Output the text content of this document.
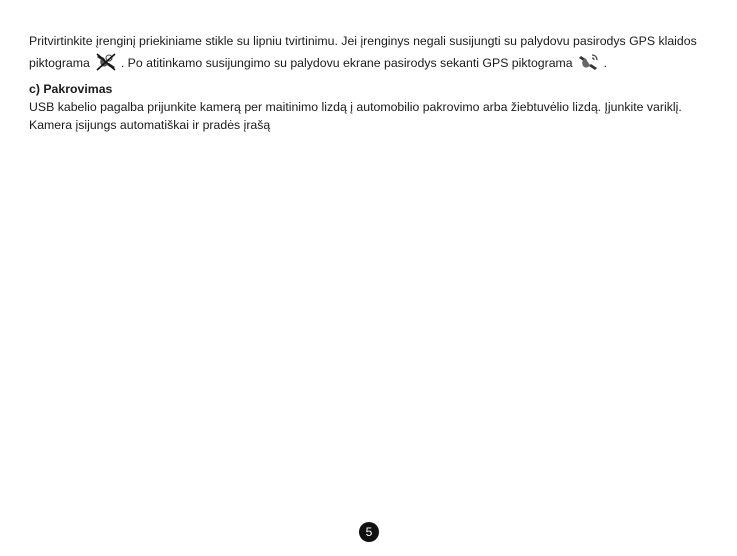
Pritvirtinkite įrenginį priekiniame stikle su lipniu tvirtinimu. Jei įrenginys negali susijungti su palydovu pasirodys GPS klaidos piktograma	. Po atitinkamo susijungimo su palydovu ekrane pasirodys sekanti GPS piktograma	.

c) Pakrovimas

USB kabelio pagalba prijunkite kamerą per maitinimo lizdą į automobilio pakrovimo arba žiebtuvėlio lizdą. Įjunkite variklį. Kamera įsijungs automatiškai ir pradės įrašą

5
